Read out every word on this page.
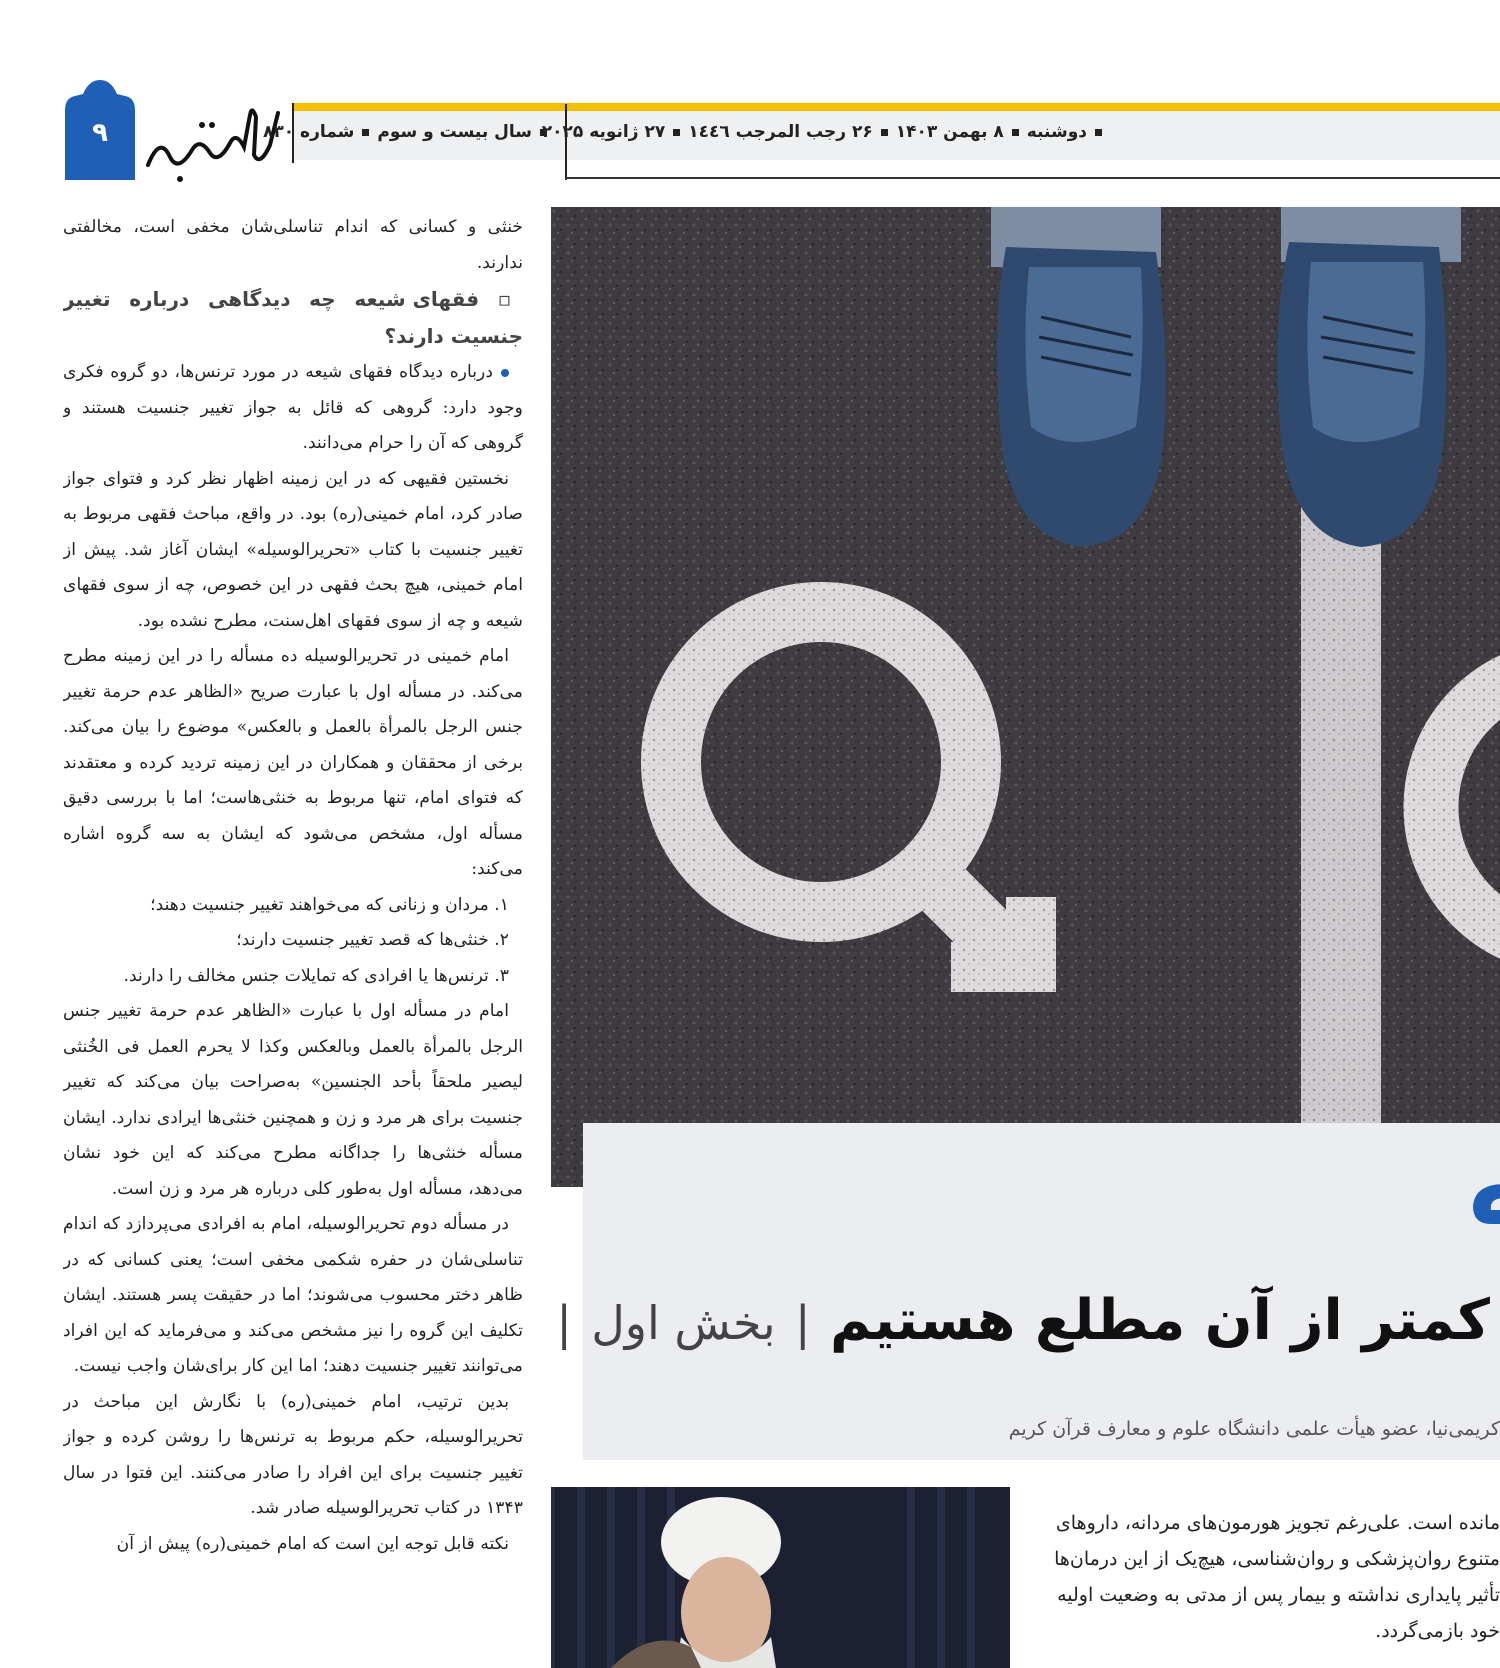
۹	سال بیست و سومشماره ۸۳۰	دوشنبه۸ بهمن ۱۴۰۳۲۶ رجب المرجب ۱٤٤٦۲۷ ژانویه ۲۰۲۵

خنثی و کسانی که اندام تناسلی‌شان مخفی است، مخالفتی ندارند.

▫ فقهای شیعه چه دیدگاهی درباره تغییر جنسیت دارند؟

درباره دیدگاه فقهای شیعه در مورد ترنس‌ها، دو گروه فکری وجود دارد: گروهی که قائل به جواز تغییر جنسیت هستند و گروهی که آن را حرام می‌دانند.

نخستین فقیهی که در این زمینه اظهار نظر کرد و فتوای جواز صادر کرد، امام خمینی(ره) بود. در واقع، مباحث فقهی مربوط به تغییر جنسیت با کتاب «تحریرالوسیله» ایشان آغاز شد. پیش از امام خمینی، هیچ بحث فقهی در این خصوص، چه از سوی فقهای شیعه و چه از سوی فقهای اهل‌سنت، مطرح نشده بود.

امام خمینی در تحریرالوسیله ده مسأله را در این زمینه مطرح می‌کند. در مسأله اول با عبارت صریح «الظاهر عدم حرمة تغییر جنس الرجل بالمرأة بالعمل و بالعکس» موضوع را بیان می‌کند. برخی از محققان و همکاران در این زمینه تردید کرده و معتقدند که فتوای امام، تنها مربوط به خنثی‌هاست؛ اما با بررسی دقیق مسأله اول، مشخص می‌شود که ایشان به سه گروه اشاره می‌کند:

۱. مردان و زنانی که می‌خواهند تغییر جنسیت دهند؛

۲. خنثی‌ها که قصد تغییر جنسیت دارند؛

۳. ترنس‌ها یا افرادی که تمایلات جنس مخالف را دارند.

امام در مسأله اول با عبارت «الظاهر عدم حرمة تغییر جنس الرجل بالمرأة بالعمل وبالعکس وکذا لا یحرم العمل فی الخُنثی لیصیر ملحقاً بأحد الجنسین» به‌صراحت بیان می‌کند که تغییر جنسیت برای هر مرد و زن و همچنین خنثی‌ها ایرادی ندارد. ایشان مسأله خنثی‌ها را جداگانه مطرح می‌کند که این خود نشان می‌دهد، مسأله اول به‌طور کلی درباره هر مرد و زن است.

در مسأله دوم تحریرالوسیله، امام به افرادی می‌پردازد که اندام تناسلی‌شان در حفره شکمی مخفی است؛ یعنی کسانی که در ظاهر دختر محسوب می‌شوند؛ اما در حقیقت پسر هستند. ایشان تکلیف این گروه را نیز مشخص می‌کند و می‌فرماید که این افراد می‌توانند تغییر جنسیت دهند؛ اما این کار برای‌شان واجب نیست.

بدین ترتیب، امام خمینی(ره) با نگارش این مباحث در تحریرالوسیله، حکم مربوط به ترنس‌ها را روشن کرده و جواز تغییر جنسیت برای این افراد را صادر می‌کنند. این فتوا در سال ۱۳۴۳ در کتاب تحریرالوسیله صادر شد.

نکته قابل توجه این است که امام خمینی(ره) پیش از آن

کمتر از آن مطلع هستیم | بخش اول |
کریمی‌نیا، عضو هیأت علمی دانشگاه علوم و معارف قرآن کریم

مانده است. علی‌رغم تجویز هورمون‌های مردانه، داروهای

متنوع روان‌پزشکی و روان‌شناسی، هیچ‌یک از این درمان‌ها

تأثیر پایداری نداشته و بیمار پس از مدتی به وضعیت اولیه

خود بازمی‌گردد.
